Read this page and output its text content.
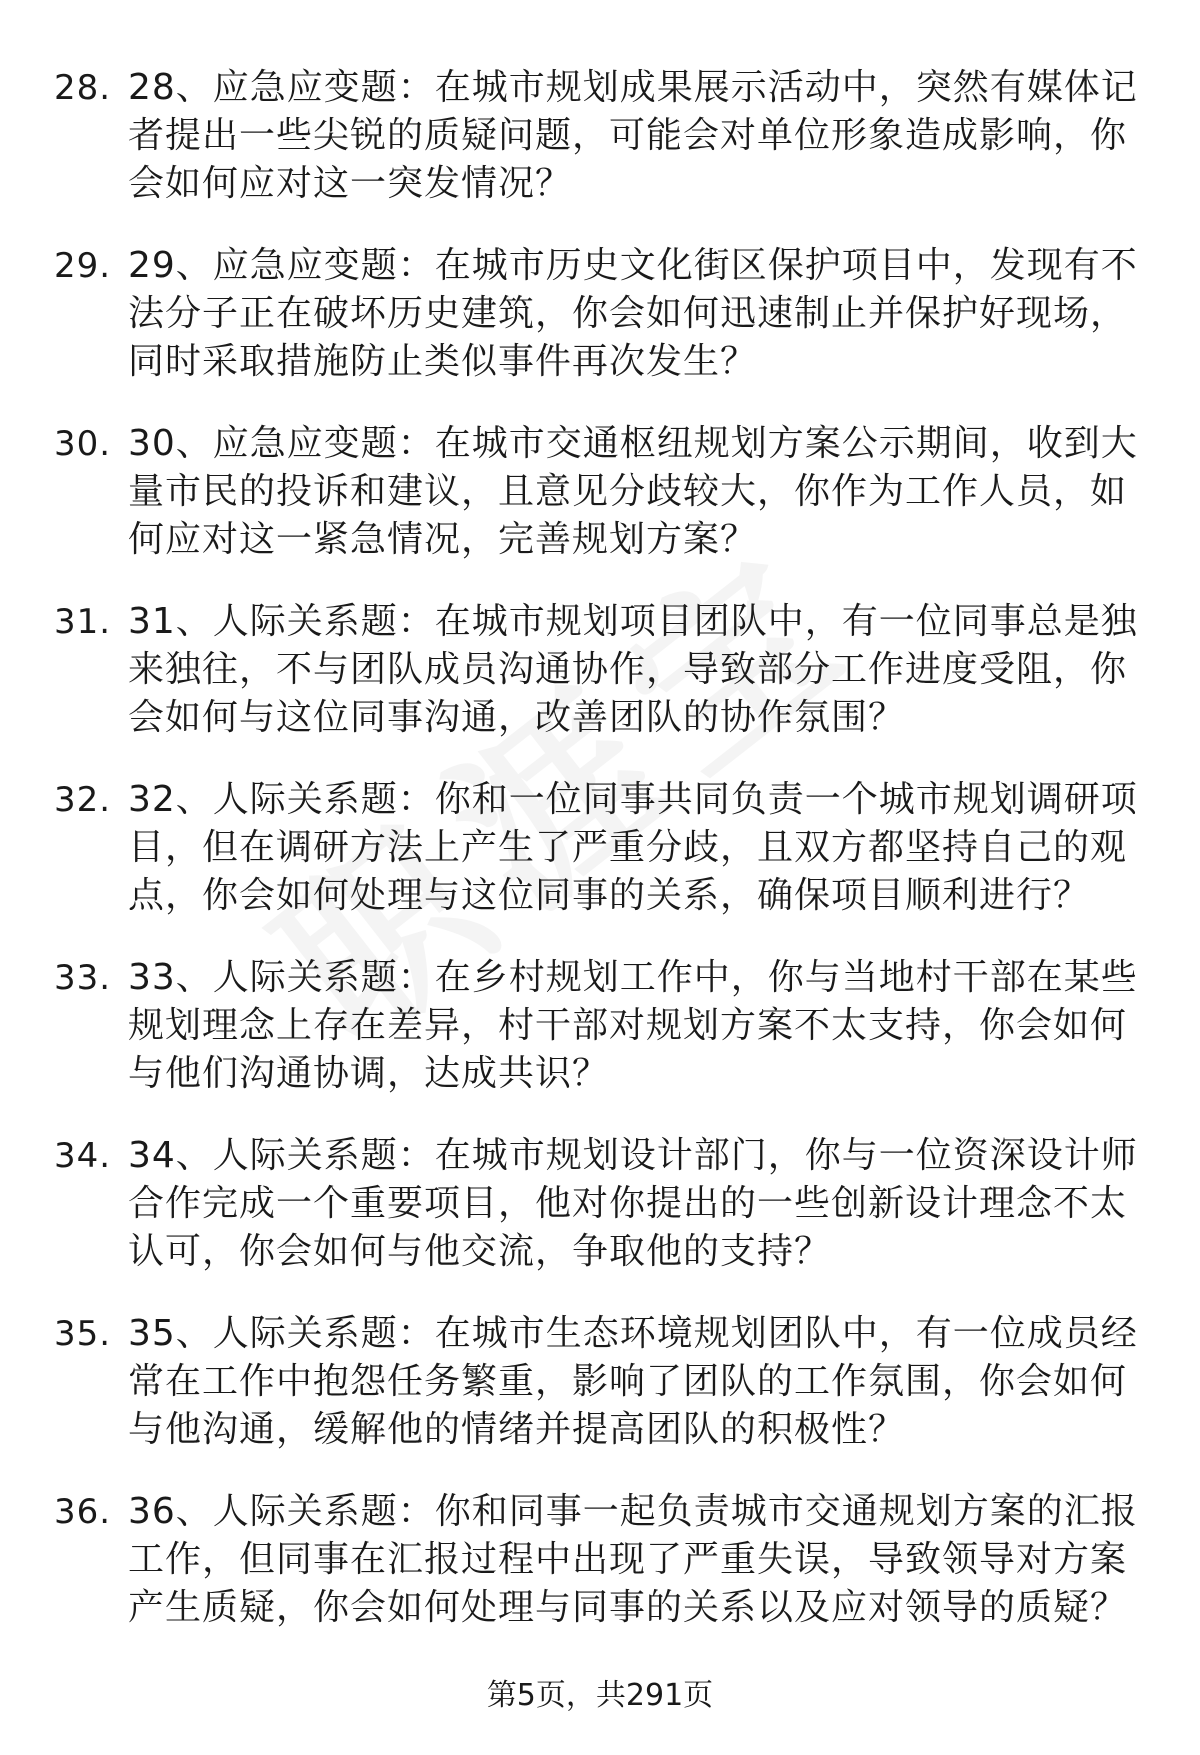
28. 28、应急应变题：在城市规划成果展示活动中，突然有媒体记者提出一些尖锐的质疑问题，可能会对单位形象造成影响，你会如何应对这一突发情况？
29. 29、应急应变题：在城市历史文化街区保护项目中，发现有不法分子正在破坏历史建筑，你会如何迅速制止并保护好现场，同时采取措施防止类似事件再次发生？
30. 30、应急应变题：在城市交通枢纽规划方案公示期间，收到大量市民的投诉和建议，且意见分歧较大，你作为工作人员，如何应对这一紧急情况，完善规划方案？
31. 31、人际关系题：在城市规划项目团队中，有一位同事总是独来独往，不与团队成员沟通协作，导致部分工作进度受阻，你会如何与这位同事沟通，改善团队的协作氛围？
32. 32、人际关系题：你和一位同事共同负责一个城市规划调研项目，但在调研方法上产生了严重分歧，且双方都坚持自己的观点，你会如何处理与这位同事的关系，确保项目顺利进行？
33. 33、人际关系题：在乡村规划工作中，你与当地村干部在某些规划理念上存在差异，村干部对规划方案不太支持，你会如何与他们沟通协调，达成共识？
34. 34、人际关系题：在城市规划设计部门，你与一位资深设计师合作完成一个重要项目，他对你提出的一些创新设计理念不太认可，你会如何与他交流，争取他的支持？
35. 35、人际关系题：在城市生态环境规划团队中，有一位成员经常在工作中抱怨任务繁重，影响了团队的工作氛围，你会如何与他沟通，缓解他的情绪并提高团队的积极性？
36. 36、人际关系题：你和同事一起负责城市交通规划方案的汇报工作，但同事在汇报过程中出现了严重失误，导致领导对方案产生质疑，你会如何处理与同事的关系以及应对领导的质疑？
第5页，共291页
